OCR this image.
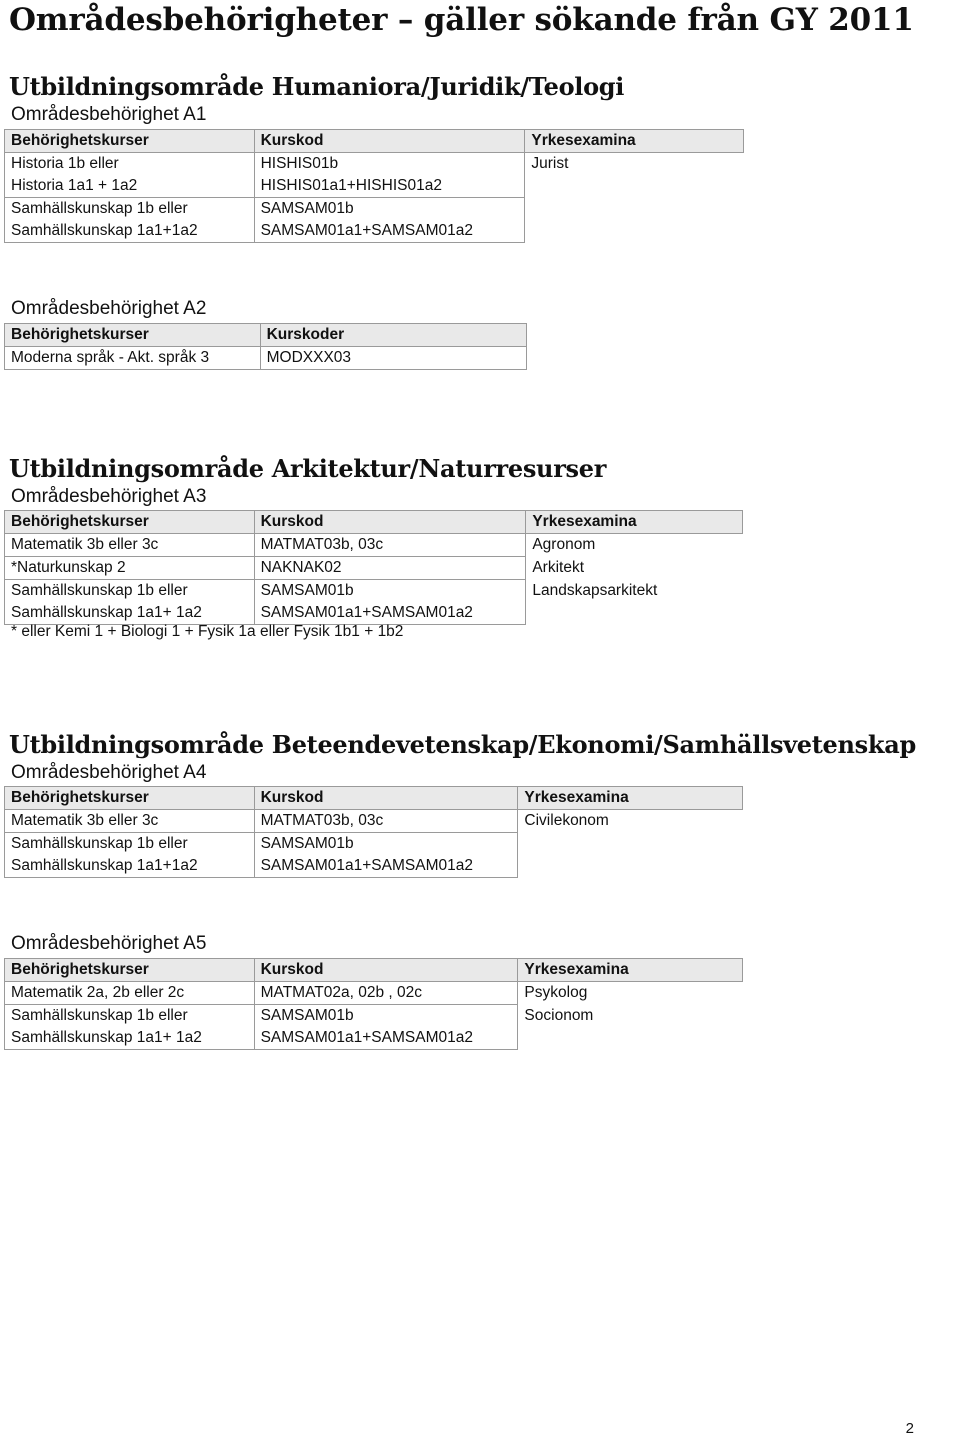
Områdesbehörigheter – gäller sökande från GY 2011
Utbildningsområde Humaniora/Juridik/Teologi
Områdesbehörighet A1
Behörighetskurser	Kurskod	Yrkesexamina
Historia 1b eller	HISHIS01b	Jurist
Historia 1a1 + 1a2	HISHIS01a1+HISHIS01a2	
Samhällskunskap 1b eller	SAMSAM01b	
Samhällskunskap 1a1+1a2	SAMSAM01a1+SAMSAM01a2	
Områdesbehörighet A2
Behörighetskurser	Kurskoder
Moderna språk - Akt. språk 3	MODXXX03
Utbildningsområde Arkitektur/Naturresurser
Områdesbehörighet A3
Behörighetskurser	Kurskod	Yrkesexamina
Matematik 3b eller 3c	MATMAT03b, 03c	Agronom
*Naturkunskap 2	NAKNAK02	Arkitekt
Samhällskunskap 1b eller	SAMSAM01b	Landskapsarkitekt
Samhällskunskap 1a1+ 1a2	SAMSAM01a1+SAMSAM01a2	
* eller Kemi 1 + Biologi 1 + Fysik 1a eller Fysik 1b1 + 1b2
Utbildningsområde Beteendevetenskap/Ekonomi/Samhällsvetenskap
Områdesbehörighet A4
Behörighetskurser	Kurskod	Yrkesexamina
Matematik 3b eller 3c	MATMAT03b, 03c	Civilekonom
Samhällskunskap 1b eller	SAMSAM01b	
Samhällskunskap 1a1+1a2	SAMSAM01a1+SAMSAM01a2	
Områdesbehörighet A5
Behörighetskurser	Kurskod	Yrkesexamina
Matematik 2a, 2b eller 2c	MATMAT02a, 02b , 02c	Psykolog
Samhällskunskap 1b eller	SAMSAM01b	Socionom
Samhällskunskap 1a1+ 1a2	SAMSAM01a1+SAMSAM01a2	
2
